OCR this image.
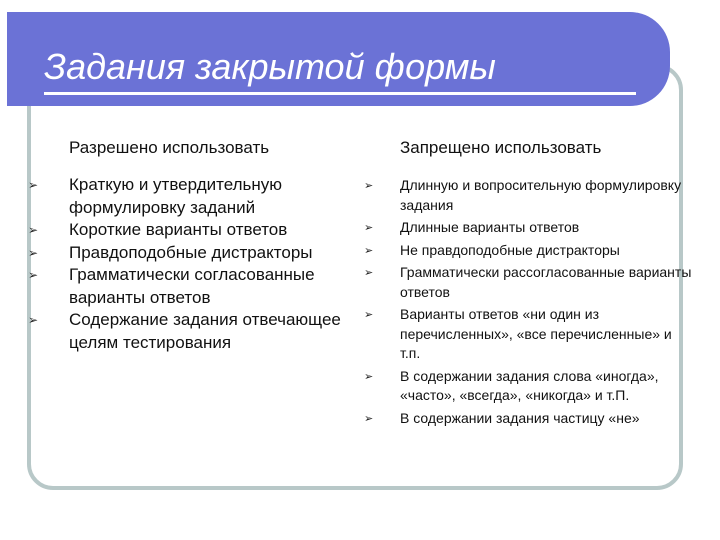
Задания закрытой формы
Разрешено использовать	Запрещено использовать
➢ Краткую и утвердительную формулировку заданий
➢ Короткие варианты ответов
➢ Правдоподобные дистракторы
➢ Грамматически согласованные варианты ответов
➢ Содержание задания отвечающее целям тестирования
➢ Длинную и вопросительную формулировку задания
➢ Длинные варианты ответов
➢ Не правдоподобные дистракторы
➢ Грамматически рассогласованные варианты ответов
➢ Варианты ответов «ни один из перечисленных», «все перечисленные» и т.п.
➢ В содержании задания слова «иногда», «часто», «всегда», «никогда» и т.П.
➢ В содержании задания частицу «не»
